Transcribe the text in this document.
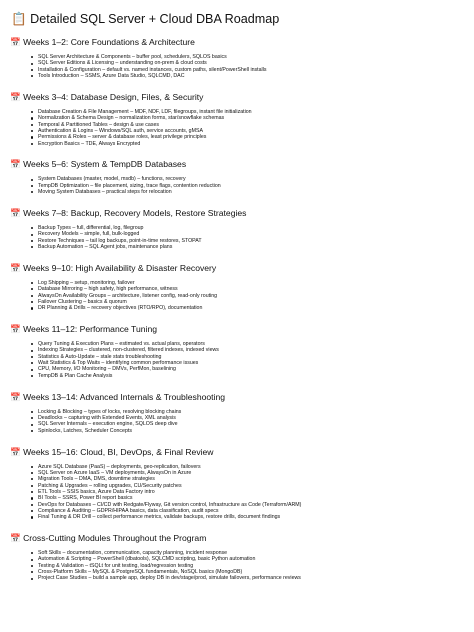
📋 Detailed SQL Server + Cloud DBA Roadmap
📅 Weeks 1–2: Core Foundations & Architecture
SQL Server Architecture & Components – buffer pool, schedulers, SQLOS basics
SQL Server Editions & Licensing – understanding on-prem & cloud costs
Installation & Configuration – default vs. named instances, custom paths, silent/PowerShell installs
Tools Introduction – SSMS, Azure Data Studio, SQLCMD, DAC
📅 Weeks 3–4: Database Design, Files, & Security
Database Creation & File Management – MDF, NDF, LDF, filegroups, instant file initialization
Normalization & Schema Design – normalization forms, star/snowflake schemas
Temporal & Partitioned Tables – design & use cases
Authentication & Logins – Windows/SQL auth, service accounts, gMSA
Permissions & Roles – server & database roles, least privilege principles
Encryption Basics – TDE, Always Encrypted
📅 Weeks 5–6: System & TempDB Databases
System Databases (master, model, msdb) – functions, recovery
TempDB Optimization – file placement, sizing, trace flags, contention reduction
Moving System Databases – practical steps for relocation
📅 Weeks 7–8: Backup, Recovery Models, Restore Strategies
Backup Types – full, differential, log, filegroup
Recovery Models – simple, full, bulk-logged
Restore Techniques – tail log backups, point-in-time restores, STOPAT
Backup Automation – SQL Agent jobs, maintenance plans
📅 Weeks 9–10: High Availability & Disaster Recovery
Log Shipping – setup, monitoring, failover
Database Mirroring – high safety, high performance, witness
AlwaysOn Availability Groups – architecture, listener config, read-only routing
Failover Clustering – basics & quorum
DR Planning & Drills – recovery objectives (RTO/RPO), documentation
📅 Weeks 11–12: Performance Tuning
Query Tuning & Execution Plans – estimated vs. actual plans, operators
Indexing Strategies – clustered, non-clustered, filtered indexes, indexed views
Statistics & Auto-Update – stale stats troubleshooting
Wait Statistics & Top Waits – identifying common performance issues
CPU, Memory, I/O Monitoring – DMVs, PerfMon, baselining
TempDB & Plan Cache Analysis
📅 Weeks 13–14: Advanced Internals & Troubleshooting
Locking & Blocking – types of locks, resolving blocking chains
Deadlocks – capturing with Extended Events, XML analysis
SQL Server Internals – execution engine, SQLOS deep dive
Spinlocks, Latches, Scheduler Concepts
📅 Weeks 15–16: Cloud, BI, DevOps, & Final Review
Azure SQL Database (PaaS) – deployments, geo-replication, failovers
SQL Server on Azure IaaS – VM deployments, AlwaysOn in Azure
Migration Tools – DMA, DMS, downtime strategies
Patching & Upgrades – rolling upgrades, CU/Security patches
ETL Tools – SSIS basics, Azure Data Factory intro
BI Tools – SSRS, Power BI report basics
DevOps for Databases – CI/CD with Redgate/Flyway, Git version control, Infrastructure as Code (Terraform/ARM)
Compliance & Auditing – GDPR/HIPAA basics, data classification, audit specs
Final Tuning & DR Drill – collect performance metrics, validate backups, restore drills, document findings
📅 Cross-Cutting Modules Throughout the Program
Soft Skills – documentation, communication, capacity planning, incident response
Automation & Scripting – PowerShell (dbatools), SQLCMD scripting, basic Python automation
Testing & Validation – tSQLt for unit testing, load/regression testing
Cross-Platform Skills – MySQL & PostgreSQL fundamentals, NoSQL basics (MongoDB)
Project Case Studies – build a sample app, deploy DB in dev/stage/prod, simulate failovers, performance reviews
